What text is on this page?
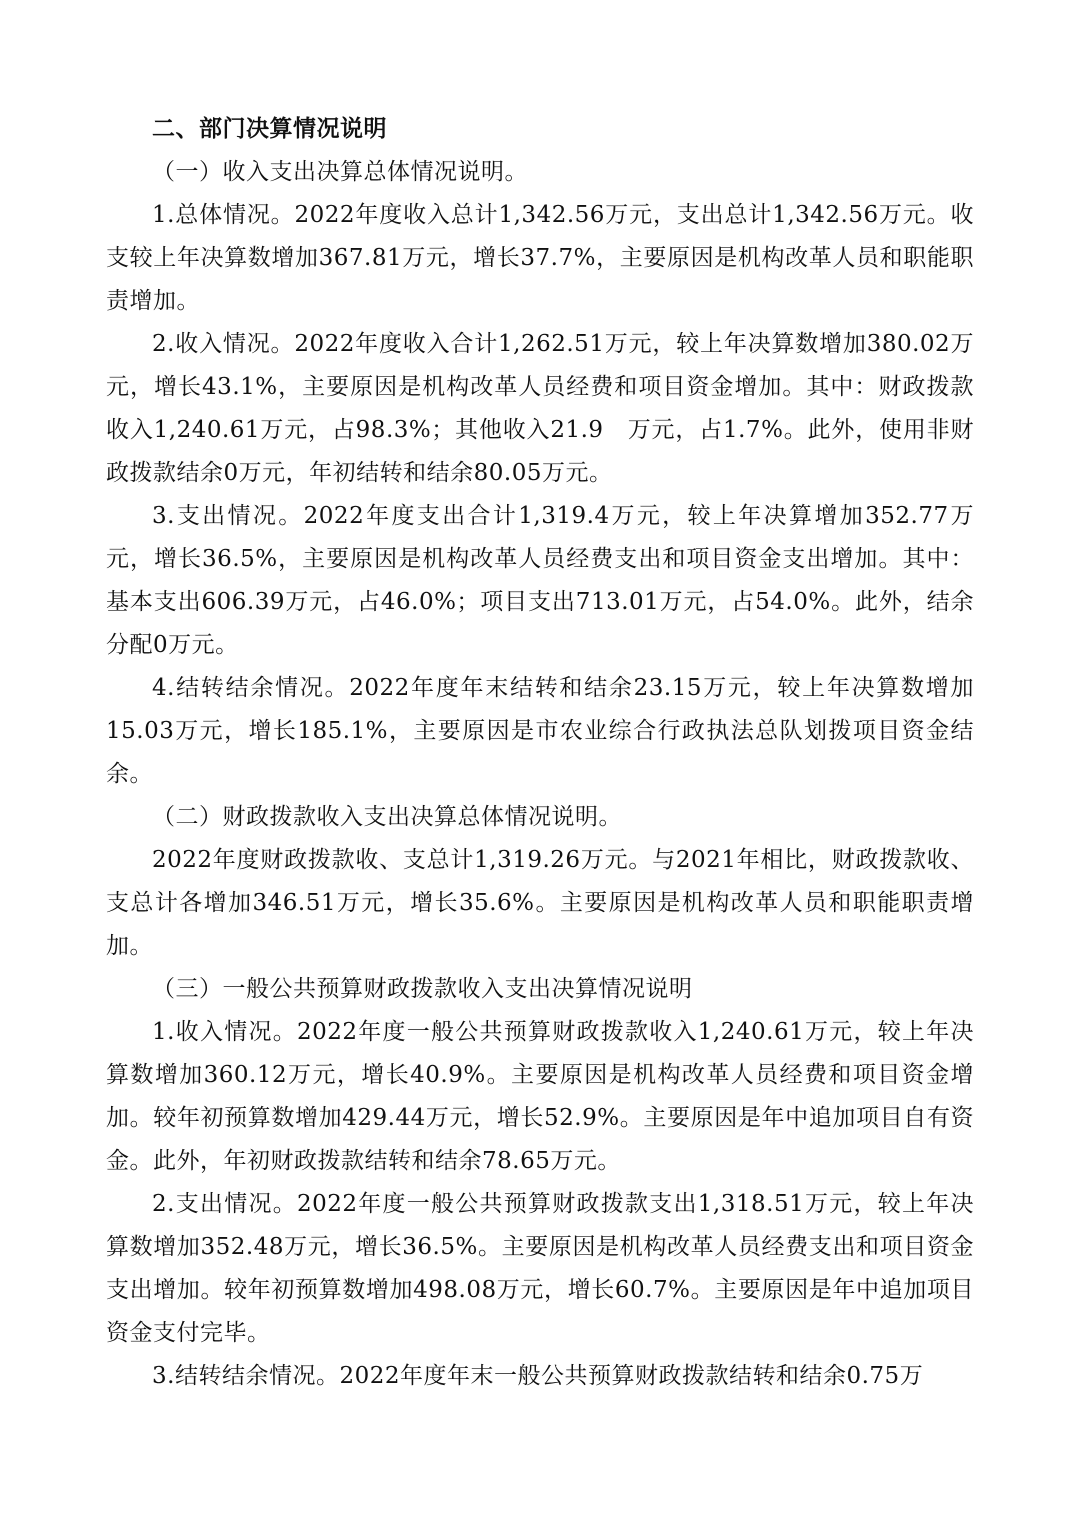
二、部门决算情况说明

（一）收入支出决算总体情况说明。

1.总体情况。2022年度收入总计1,342.56万元，支出总计1,342.56万元。收支较上年决算数增加367.81万元，增长37.7%，主要原因是机构改革人员和职能职责增加。

2.收入情况。2022年度收入合计1,262.51万元，较上年决算数增加380.02万元，增长43.1%，主要原因是机构改革人员经费和项目资金增加。其中：财政拨款收入1,240.61万元，占98.3%；其他收入21.9　万元，占1.7%。此外，使用非财政拨款结余0万元，年初结转和结余80.05万元。

3.支出情况。2022年度支出合计1,319.4万元，较上年决算增加352.77万元，增长36.5%，主要原因是机构改革人员经费支出和项目资金支出增加。其中：基本支出606.39万元，占46.0%；项目支出713.01万元，占54.0%。此外，结余分配0万元。

4.结转结余情况。2022年度年末结转和结余23.15万元，较上年决算数增加15.03万元，增长185.1%，主要原因是市农业综合行政执法总队划拨项目资金结余。

（二）财政拨款收入支出决算总体情况说明。

2022年度财政拨款收、支总计1,319.26万元。与2021年相比，财政拨款收、支总计各增加346.51万元，增长35.6%。主要原因是机构改革人员和职能职责增加。

（三）一般公共预算财政拨款收入支出决算情况说明

1.收入情况。2022年度一般公共预算财政拨款收入1,240.61万元，较上年决算数增加360.12万元，增长40.9%。主要原因是机构改革人员经费和项目资金增加。较年初预算数增加429.44万元，增长52.9%。主要原因是年中追加项目自有资金。此外，年初财政拨款结转和结余78.65万元。

2.支出情况。2022年度一般公共预算财政拨款支出1,318.51万元，较上年决算数增加352.48万元，增长36.5%。主要原因是机构改革人员经费支出和项目资金支出增加。较年初预算数增加498.08万元，增长60.7%。主要原因是年中追加项目资金支付完毕。

3.结转结余情况。2022年度年末一般公共预算财政拨款结转和结余0.75万
